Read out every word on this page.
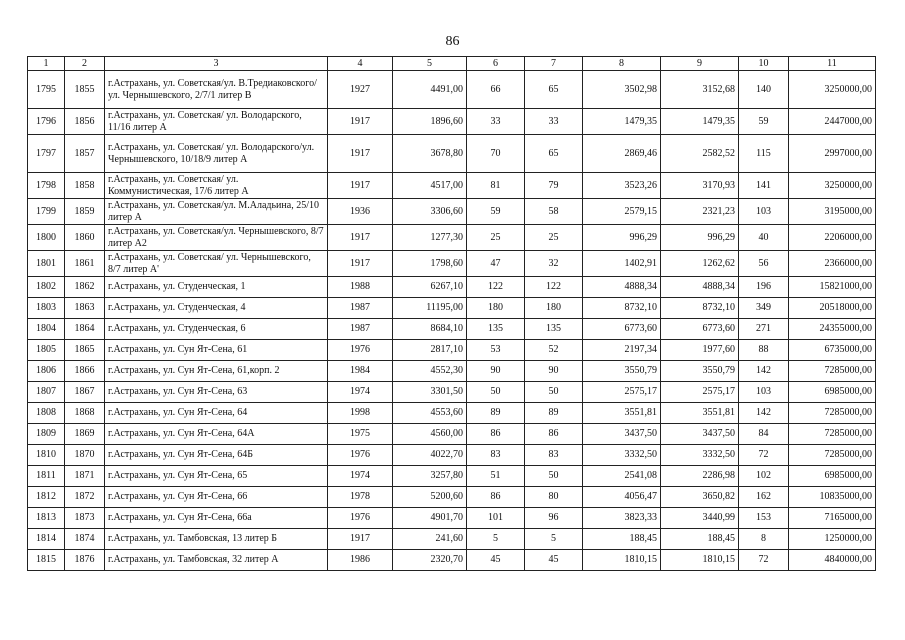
86
1	2	3	4	5	6	7	8	9	10	11
1795	1855	г.Астрахань, ул. Советская/ул. В.Тредиаковского/ ул. Чернышевского, 2/7/1 литер В	1927	4491,00	66	65	3502,98	3152,68	140	3250000,00
1796	1856	г.Астрахань, ул. Советская/ ул. Володарского, 11/16 литер А	1917	1896,60	33	33	1479,35	1479,35	59	2447000,00
1797	1857	г.Астрахань, ул. Советская/ ул. Володарского/ул. Чернышевского, 10/18/9 литер А	1917	3678,80	70	65	2869,46	2582,52	115	2997000,00
1798	1858	г.Астрахань, ул. Советская/ ул. Коммунистическая, 17/6 литер А	1917	4517,00	81	79	3523,26	3170,93	141	3250000,00
1799	1859	г.Астрахань, ул. Советская/ул. М.Аладьина, 25/10 литер А	1936	3306,60	59	58	2579,15	2321,23	103	3195000,00
1800	1860	г.Астрахань, ул. Советская/ул. Чернышевского, 8/7 литер А2	1917	1277,30	25	25	996,29	996,29	40	2206000,00
1801	1861	г.Астрахань, ул. Советская/ ул. Чернышевского, 8/7 литер А'	1917	1798,60	47	32	1402,91	1262,62	56	2366000,00
1802	1862	г.Астрахань, ул. Студенческая, 1	1988	6267,10	122	122	4888,34	4888,34	196	15821000,00
1803	1863	г.Астрахань, ул. Студенческая, 4	1987	11195,00	180	180	8732,10	8732,10	349	20518000,00
1804	1864	г.Астрахань, ул. Студенческая, 6	1987	8684,10	135	135	6773,60	6773,60	271	24355000,00
1805	1865	г.Астрахань, ул. Сун Ят-Сена, 61	1976	2817,10	53	52	2197,34	1977,60	88	6735000,00
1806	1866	г.Астрахань, ул. Сун Ят-Сена, 61,корп. 2	1984	4552,30	90	90	3550,79	3550,79	142	7285000,00
1807	1867	г.Астрахань, ул. Сун Ят-Сена, 63	1974	3301,50	50	50	2575,17	2575,17	103	6985000,00
1808	1868	г.Астрахань, ул. Сун Ят-Сена, 64	1998	4553,60	89	89	3551,81	3551,81	142	7285000,00
1809	1869	г.Астрахань, ул. Сун Ят-Сена, 64А	1975	4560,00	86	86	3437,50	3437,50	84	7285000,00
1810	1870	г.Астрахань, ул. Сун Ят-Сена, 64Б	1976	4022,70	83	83	3332,50	3332,50	72	7285000,00
1811	1871	г.Астрахань, ул. Сун Ят-Сена, 65	1974	3257,80	51	50	2541,08	2286,98	102	6985000,00
1812	1872	г.Астрахань, ул. Сун Ят-Сена, 66	1978	5200,60	86	80	4056,47	3650,82	162	10835000,00
1813	1873	г.Астрахань, ул. Сун Ят-Сена, 66а	1976	4901,70	101	96	3823,33	3440,99	153	7165000,00
1814	1874	г.Астрахань, ул. Тамбовская, 13 литер Б	1917	241,60	5	5	188,45	188,45	8	1250000,00
1815	1876	г.Астрахань, ул. Тамбовская, 32 литер А	1986	2320,70	45	45	1810,15	1810,15	72	4840000,00
